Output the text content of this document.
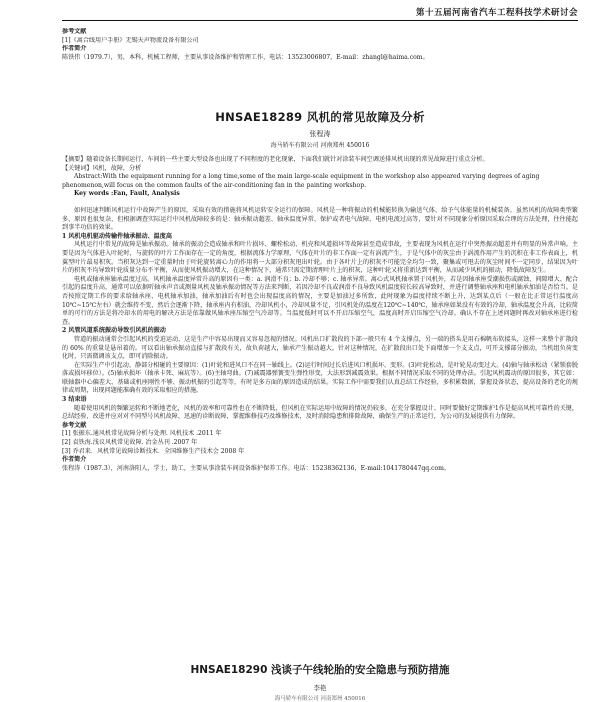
第十五届河南省汽车工程科技学术研讨会
参考文献
[1]《离合线用户手册》无锡天声物流设备有限公司
作者简介
陈铁伟（1979.7），男，本科，机械工程师，主要从事设备维护和管理工作，电话：13523006807，E-mail：zhangl@haima.com。
HNSAE18289 风机的常见故障及分析
张程涛
海马轿车有限公司 河南郑州 450016
【摘要】随着设备长期间运行，车间的一些主要大型设备也出现了不同程度的老化现象，下面我们就针对涂装车间空调送排风机出现的常见故障进行重点分析。
【关键词】风机，故障，分析
Abstract:With the equipment running for a long time,some of the main large-scale equipment in the workshop also appeared varying degrees of aging phenomenon,will focus on the common faults of the air-conditioning fan in the painting workshop.
Key words :Fan, Fault, Analysis

如何迅速判断风机运行中故障产生的原因，采取有效的措施将风机运转安全运行的保障。风机是一种将振动的机械能转换为输送气体、给予气体能量的机械装备。虽然风机的故障类型繁多，原因也很复杂，但根据调查实际运行中风机故障较多的是：轴承振动超差、轴承温度异常、保护或者电气故障、电机电流过高等，要针对不同现象分析原因采取合理的方法处理，往往能起到事半功倍的效果。

1 风机电机驱动传输件轴承振动、温度高

风机运行中常见的故障是轴承振动。轴承的振动会造成轴承和叶片损坏、螺栓松动、机壳和风道损坏等故障甚至造成事故，主要表现为风机在运行中突然振动超差并有明显的异常声响。主要是因为气体进入叶轮时，与旋转的叶片工作面存在一定的角度，根据流体力学原理，气体在叶片的非工作面一定有涡流产生，于是气体中的灰尘由于涡流作用产生的沉积在非工作表面上，机翼型叶片最易积灰。当积灰达到一定重量时由于叶轮旋转离心力的作用将一大部分积灰甩出叶轮。由于各叶片上的积灰不可能完全均匀一致，聚集或可甩去的灰尘时间不一定同步，结果因为叶片的积灰不均导致叶轮质量分布不平衡，从而使风机振动增大，在这种情况下，通常只需定期清理叶片上的积灰，这种叶轮又将重新达到平衡，从而减少风机的振动，降低故障发生。

电机或轴承座轴承温度过高。风机轴承温度异常升高的原因有一类：a. 润滑不良；b. 冷却不够；c. 轴承异常。离心式风机轴承置于风机外，若是因轴承座受潮损伤或腐蚀、间隙增大、配合引起的温度升高，通常可以依据听轴承声音或测量风机及轴承振动情况等方法来判断，若因冷却不良或润滑不良导致风机温度较长较高导致时，并进行调整轴承座和电机轴承加油是否恰当。是否按照定期工作的要求给轴承座、电机轴承加油，轴承加油后有时也会出现温度高的情况，主要是加油过多所致，此时现象为温度持续不断上升，达到某点后（一般在比正常运行温度高10℃~15℃左右）就会维持不变，然后会逐渐下降，轴承座内有积油，冷却风机小，冷却风量不足，引风机处的温度在120℃~140℃，轴承座如果没有有效的冷却，轴承温度会升高，比较简单的可行的方法是将冷却水的用电的解决方法是依靠做风轴承座压缩空气冷却等。当温度低时可以不开启压缩空气，温度高时开启压缩空气冷却。确认不存在上述问题时再改对轴承座进行检查。

2 风管风道系统振动导致引风机的振动

管道的振动通常会引起风机的受迫运动，这是生产中容易出现而又容易忽视的情况。风机出口扩散段的下部一般只有 4 个支撑点，另一端的搭头是用石棉帆布软接头，这样一来整个扩散段的 60% 的重量是悬吊着的。可以看出轴承振动直接与扩散段有关，故负荷越大，轴承产生振动越大。针对这种情况，在扩散段出口处下面增加一个支支点，可开支撑部分振动，当机组负荷变化时，只需微调该支点，即可消除振动。

在实际生产中引起动、静部分相碰的主要原因：(1)叶轮和进风口不在同一轴线上。(2)运行时间过长后进风口机损坏、变形。(3)叶轮松动，是叶轮晃动变过大。(4)轴与轴承松动（紧锁套脱落或损坏移位）。(5)轴承损坏（轴承卡死、麻坑等）。(6)主轴弯曲。(7)减震器弹簧变生弹性形变，大法形到减震效果。根据不同情况采取不同的处理办法。引起风机震动的原因很多，其它如：联轴器中心偏差大、基础或机座刚性不够、振动机振的引起等等，有时是多方面的原因造成的结果。实际工作中需要我们认真总结工作经验，多积累数据，掌握设备状态，提高设备的老化的规律或周期，出现问题能准确有效的采取相应的措施。

3 结束语

随着使用风机的频繁运转和不断地老化，风机的效率和可靠性也在不断降低，但风机在实际运用中故障的情况仍较多，在充分掌握设计、同时要做好定期维护1作是提高风机可靠性的关键，总结经验，改进并应对对不同型号风机故障、迅速的诊断故障，掌握维修技巧及维修技术，及时消除隐患和排除故障，确保生产的正常运行，为公司的发展提供有力保障。

参考文献

[1] 张振东.通风机常见故障分析与处理. 风机技术 .2011 年

[2] 袁铁海.浅议风机常见故障. 冶金丛刊 .2007 年

[3] 乔君来．风机常见故障诊断技术．全国维修生产技术会 2008 年

作者简介

张程涛（1987.3），河南洛阳人，学士，助工，主要从事涂装车间设备维护保养工作。电话：15238362136，E-mail:1041780447qq.com。

HNSAE18290 浅谈子午线轮胎的安全隐患与预防措施
李艳
海马轿车有限公司 河南郑州 450016
